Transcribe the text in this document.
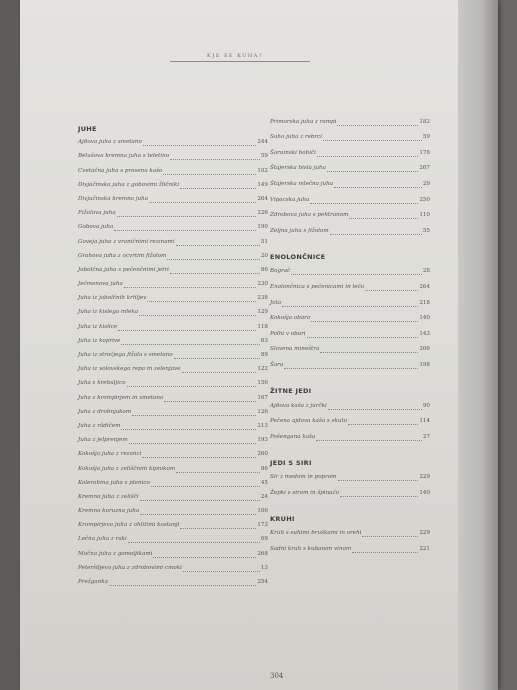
KJE SE KUHA?
JUHE
Ajdova juha z smetano	244
Belušova kremna juha s teletino	59
Cvetačna juha s prosenо kašo	102
Divjačinska juha z gobovimi žličniki	149
Divjačinska kremna juha	264
Fižolova juha	226
Gobova juha	190
Goveja juha z vraničnimi rezinami	51
Grahova juha z ocvrtim fižolom	20
Jabolčna juha s pečenčnimi jetri	86
Ječmenova juha	230
Juha iz jabolčnih krhljev	238
Juha iz kislega mleka	129
Juha iz kislice	118
Juha iz koprive	63
Juha iz stročjega fižola s smetano	89
Juha iz volovskega repa in zelenjave	122
Juha s krebuljico	156
Juha s krompirjem in smetano	167
Juha z drobnjakom	126
Juha z rădičem	213
Juha z jelprenjem	193
Kokošja juha z rezanci	260
Kokošja juha z zeliščnim kipnikom	96
Kolerabina juha s plenico	45
Kremna juha z zelišči	24
Kremna koruzna juha	106
Krompirjeva juha z ohlitimi kostanji	173
Lečna juha z raki	69
Močna juha z gomoljikami	268
Peteršiljeva juha z zdrobovimi cmoki	13
Prežganka	254
Primorska juha z rampi	182
Suha juha z rebrci	59
Šaruinski bobiči	178
Štajerska bisla juha	267
Štajerska mlečna juha	29
Vipacska juha	250
Zdrobova juha s pehtranom	110
Zeljna juha s fižolom	55
ENOLONČNICE
Bograč	28
Enolončnica s pečenicami in lečo	264
Jota	218
Kokošja obara	140
Polhi v obari	143
Slovena mineštra	206
Šara	198
ŽITNE JEDI
Ajdova kaša z jurčki	90
Pečena ajdova kaša s skuto	114
Pošengana kaša	27
JEDI S SIRI
Sir z medom in poprom	229
Žepki s sirom in špinačo	140
KRUHI
Kruh s suhimi bruškami in orehi	229
Sadni kruh s kubanim vinom	221
304
